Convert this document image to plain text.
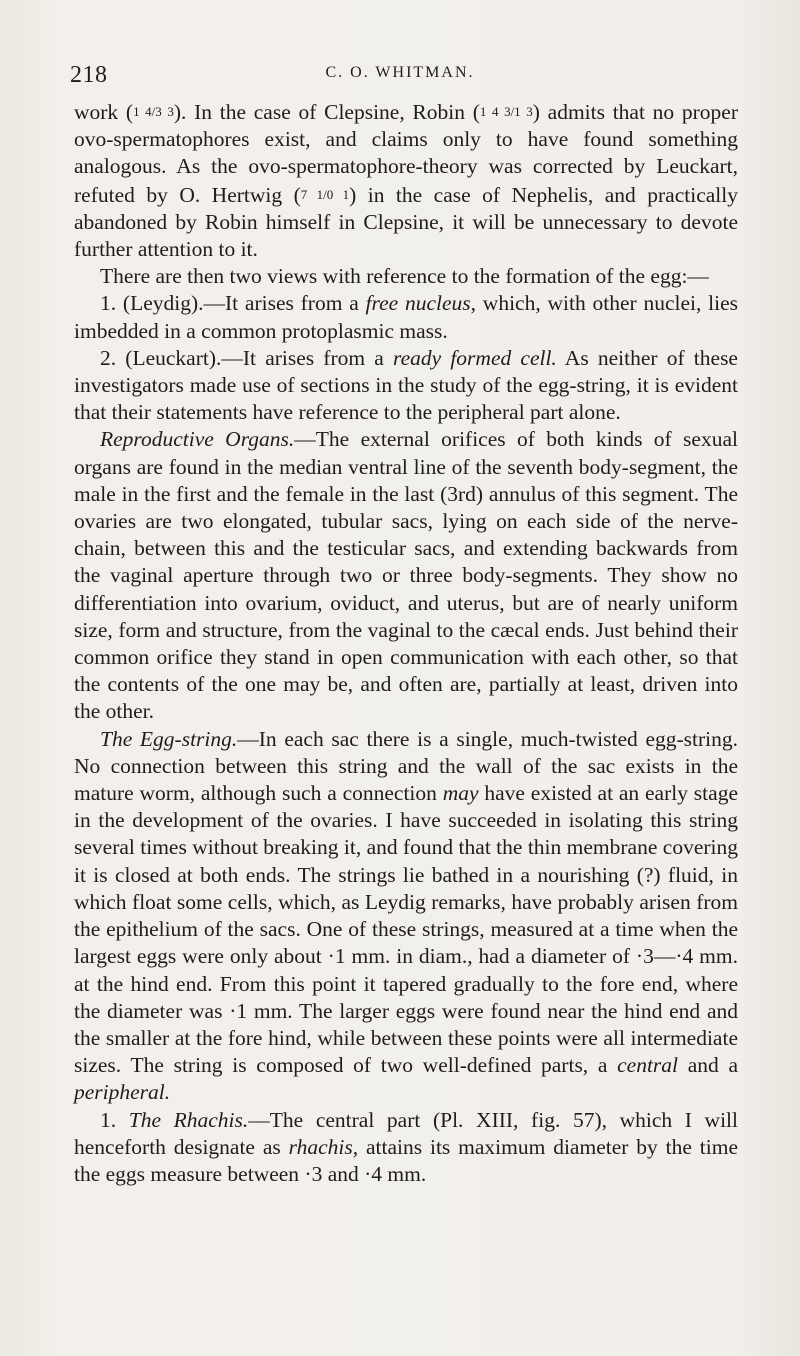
218	C. O. WHITMAN.

work (1 4/3 3). In the case of Clepsine, Robin (1 4 3/1 3) admits that no proper ovo-spermatophores exist, and claims only to have found something analogous. As the ovo-spermatophore-theory was corrected by Leuckart, refuted by O. Hertwig (7 1/0 1) in the case of Nephelis, and practically abandoned by Robin himself in Clepsine, it will be unnecessary to devote further attention to it.

There are then two views with reference to the formation of the egg:—

1. (Leydig).—It arises from a free nucleus, which, with other nuclei, lies imbedded in a common protoplasmic mass.

2. (Leuckart).—It arises from a ready formed cell. As neither of these investigators made use of sections in the study of the egg-string, it is evident that their statements have reference to the peripheral part alone.

Reproductive Organs.—The external orifices of both kinds of sexual organs are found in the median ventral line of the seventh body-segment, the male in the first and the female in the last (3rd) annulus of this segment. The ovaries are two elongated, tubular sacs, lying on each side of the nerve-chain, between this and the testicular sacs, and extending backwards from the vaginal aperture through two or three body-segments. They show no differentiation into ovarium, oviduct, and uterus, but are of nearly uniform size, form and structure, from the vaginal to the cæcal ends. Just behind their common orifice they stand in open communication with each other, so that the contents of the one may be, and often are, partially at least, driven into the other.

The Egg-string.—In each sac there is a single, much-twisted egg-string. No connection between this string and the wall of the sac exists in the mature worm, although such a connection may have existed at an early stage in the development of the ovaries. I have succeeded in isolating this string several times without breaking it, and found that the thin membrane covering it is closed at both ends. The strings lie bathed in a nourishing (?) fluid, in which float some cells, which, as Leydig remarks, have probably arisen from the epithelium of the sacs. One of these strings, measured at a time when the largest eggs were only about ·1 mm. in diam., had a diameter of ·3—·4 mm. at the hind end. From this point it tapered gradually to the fore end, where the diameter was ·1 mm. The larger eggs were found near the hind end and the smaller at the fore hind, while between these points were all intermediate sizes. The string is composed of two well-defined parts, a central and a peripheral.

1. The Rhachis.—The central part (Pl. XIII, fig. 57), which I will henceforth designate as rhachis, attains its maximum diameter by the time the eggs measure between ·3 and ·4 mm.
